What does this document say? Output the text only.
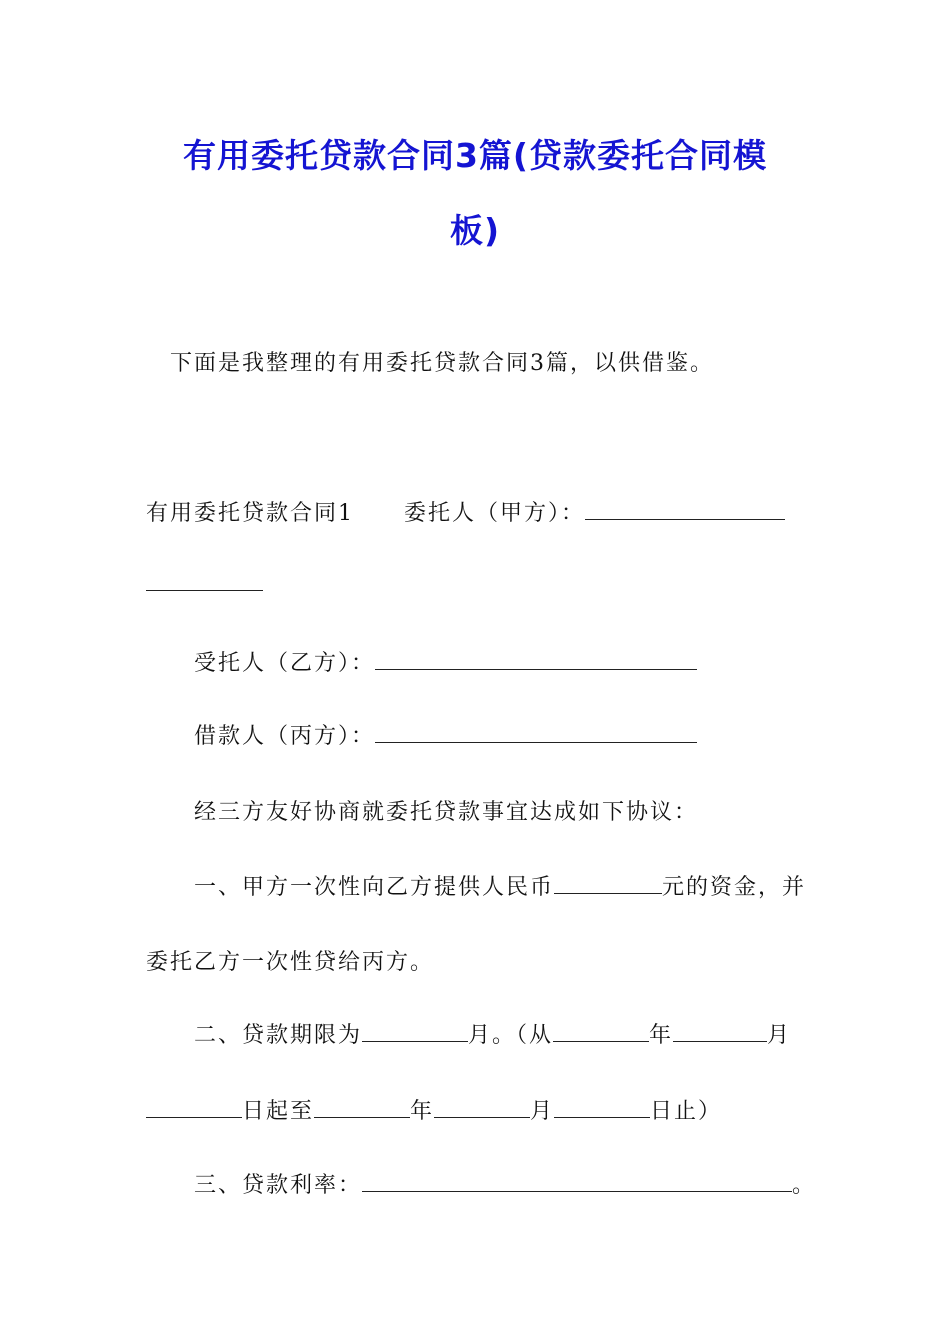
有用委托贷款合同3篇(贷款委托合同模
板)
下面是我整理的有用委托贷款合同3篇，以供借鉴。
有用委托贷款合同1 委托人（甲方）：
受托人（乙方）：
借款人（丙方）：
经三方友好协商就委托贷款事宜达成如下协议：
一、甲方一次性向乙方提供人民币	元的资金，并
委托乙方一次性贷给丙方。
二、贷款期限为	月。（从	年	月
日起至	年	月	日止）
三、贷款利率：	。
